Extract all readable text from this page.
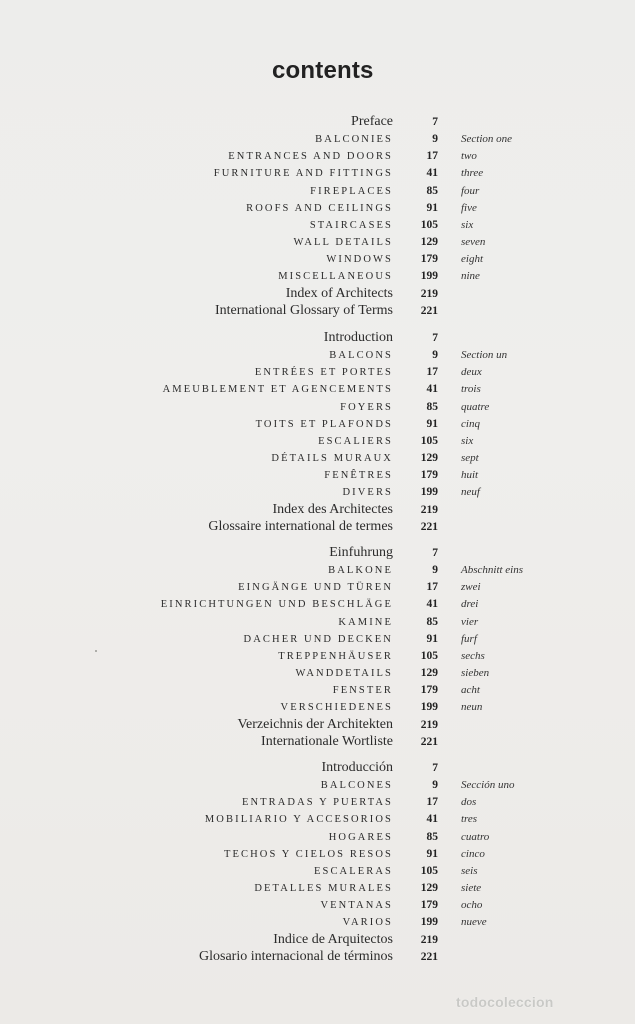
contents
Preface	7
BALCONIES	9 Section one
ENTRANCES AND DOORS	17 two
FURNITURE AND FITTINGS	41 three
FIREPLACES	85 four
ROOFS AND CEILINGS	91 five
STAIRCASES 105 six
WALL DETAILS 129 seven
WINDOWS 179 eight
MISCELLANEOUS 199 nine
Index of Architects 219
International Glossary of Terms 221
Introduction	7
BALCONS	9 Section un
ENTRÉES ET PORTES	17 deux
AMEUBLEMENT ET AGENCEMENTS	41 trois
FOYERS	85 quatre
TOITS ET PLAFONDS	91 cinq
ESCALIERS 105 six
DÉTAILS MURAUX 129 sept
FENÊTRES 179 huit
DIVERS 199 neuf
Index des Architectes 219
Glossaire international de termes 221
Einfuhrung	7
BALKONE	9 Abschnitt eins
EINGÄNGE UND TÜREN	17 zwei
EINRICHTUNGEN UND BESCHLÄGE	41 drei
KAMINE	85 vier
DACHER UND DECKEN	91 furf
TREPPENHÄUSER 105 sechs
WANDDETAILS 129 sieben
FENSTER 179 acht
VERSCHIEDENES 199 neun
Verzeichnis der Architekten 219
Internationale Wortliste 221
Introducción	7
BALCONES	9 Sección uno
ENTRADAS Y PUERTAS	17 dos
MOBILIARIO Y ACCESORIOS	41 tres
HOGARES	85 cuatro
TECHOS Y CIELOS RESOS	91 cinco
ESCALERAS 105 seis
DETALLES MURALES 129 siete
VENTANAS 179 ocho
VARIOS 199 nueve
Indice de Arquitectos 219
Glosario internacional de términos 221
todocoleccion
